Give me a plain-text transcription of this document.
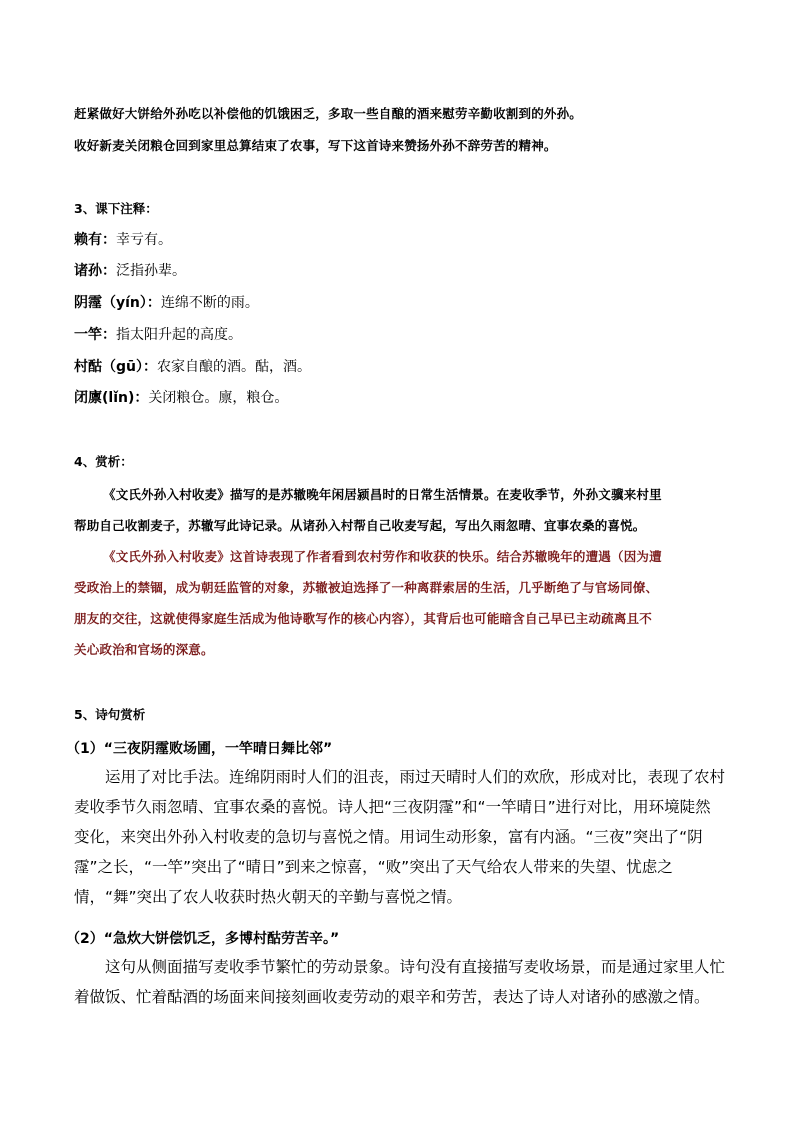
赶紧做好大饼给外孙吃以补偿他的饥饿困乏，多取一些自酿的酒来慰劳辛勤收割到的外孙。

收好新麦关闭粮仓回到家里总算结束了农事，写下这首诗来赞扬外孙不辞劳苦的精神。

3、课下注释：

赖有：幸亏有。

诸孙：泛指孙辈。

阴霪（yín）：连绵不断的雨。

一竿：指太阳升起的高度。

村酤（gū）：农家自酿的酒。酤，酒。

闭廪(lǐn)：关闭粮仓。廪，粮仓。

4、赏析：

《文氏外孙入村收麦》描写的是苏辙晚年闲居颍昌时的日常生活情景。在麦收季节，外孙文骥来村里

帮助自己收割麦子，苏辙写此诗记录。从诸孙入村帮自己收麦写起，写出久雨忽晴、宜事农桑的喜悦。

《文氏外孙入村收麦》这首诗表现了作者看到农村劳作和收获的快乐。结合苏辙晚年的遭遇（因为遭

受政治上的禁锢，成为朝廷监管的对象，苏辙被迫选择了一种离群索居的生活，几乎断绝了与官场同僚、

朋友的交往，这就使得家庭生活成为他诗歌写作的核心内容），其背后也可能暗含自己早已主动疏离且不

关心政治和官场的深意。

5、诗句赏析

（1）“三夜阴霪败场圃，一竿晴日舞比邻”

运用了对比手法。连绵阴雨时人们的沮丧，雨过天晴时人们的欢欣，形成对比，表现了农村麦收季节久雨忽晴、宜事农桑的喜悦。诗人把“三夜阴霪”和“一竿晴日”进行对比，用环境陡然变化，来突出外孙入村收麦的急切与喜悦之情。用词生动形象，富有内涵。“三夜”突出了“阴霪”之长，“一竿”突出了“晴日”到来之惊喜，“败”突出了天气给农人带来的失望、忧虑之情，“舞”突出了农人收获时热火朝天的辛勤与喜悦之情。

（2）“急炊大饼偿饥乏，多博村酤劳苦辛。”

这句从侧面描写麦收季节繁忙的劳动景象。诗句没有直接描写麦收场景，而是通过家里人忙着做饭、忙着酤酒的场面来间接刻画收麦劳动的艰辛和劳苦，表达了诗人对诸孙的感激之情。
